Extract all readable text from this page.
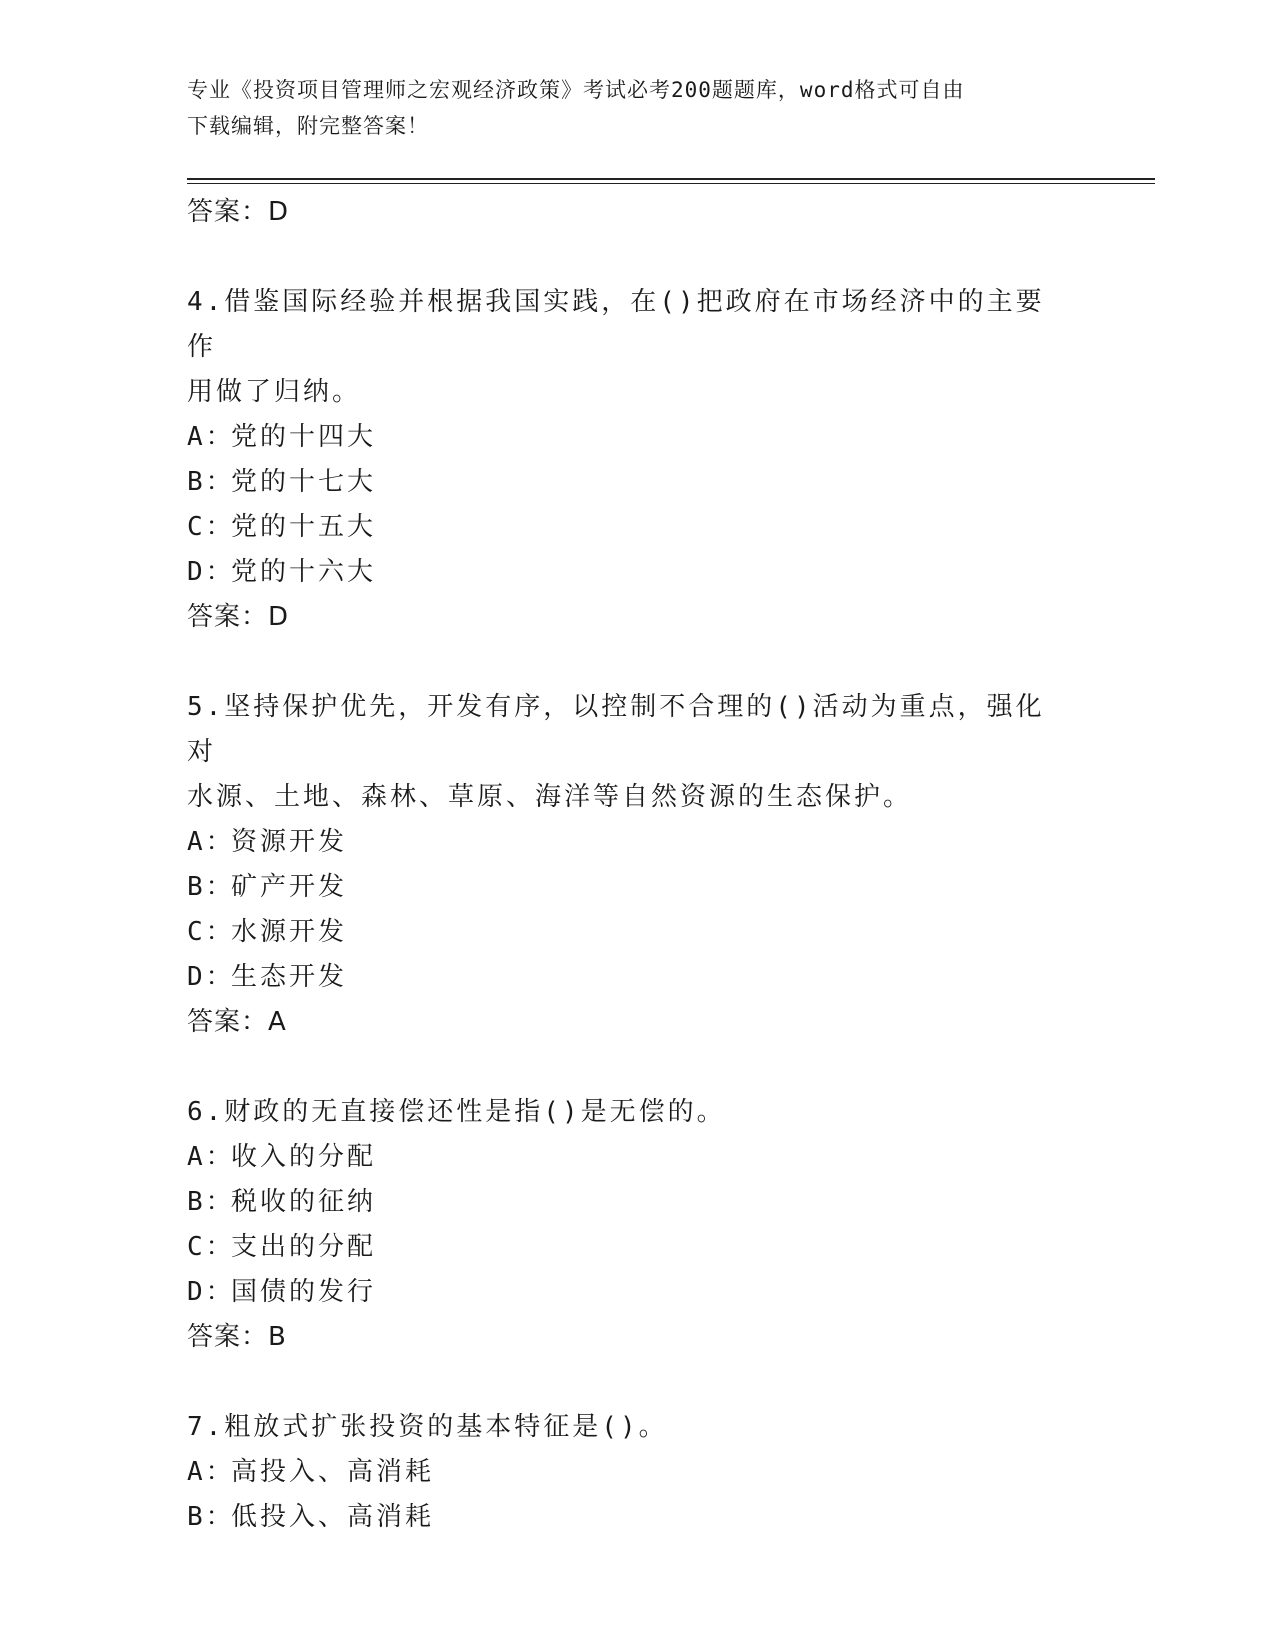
专业《投资项目管理师之宏观经济政策》考试必考200题题库，word格式可自由
下载编辑，附完整答案！
答案：D
4.借鉴国际经验并根据我国实践，在()把政府在市场经济中的主要作
用做了归纳。
A：党的十四大
B：党的十七大
C：党的十五大
D：党的十六大
答案：D
5.坚持保护优先，开发有序，以控制不合理的()活动为重点，强化对
水源、土地、森林、草原、海洋等自然资源的生态保护。
A：资源开发
B：矿产开发
C：水源开发
D：生态开发
答案：A
6.财政的无直接偿还性是指()是无偿的。
A：收入的分配
B：税收的征纳
C：支出的分配
D：国债的发行
答案：B
7.粗放式扩张投资的基本特征是()。
A：高投入、高消耗
B：低投入、高消耗
